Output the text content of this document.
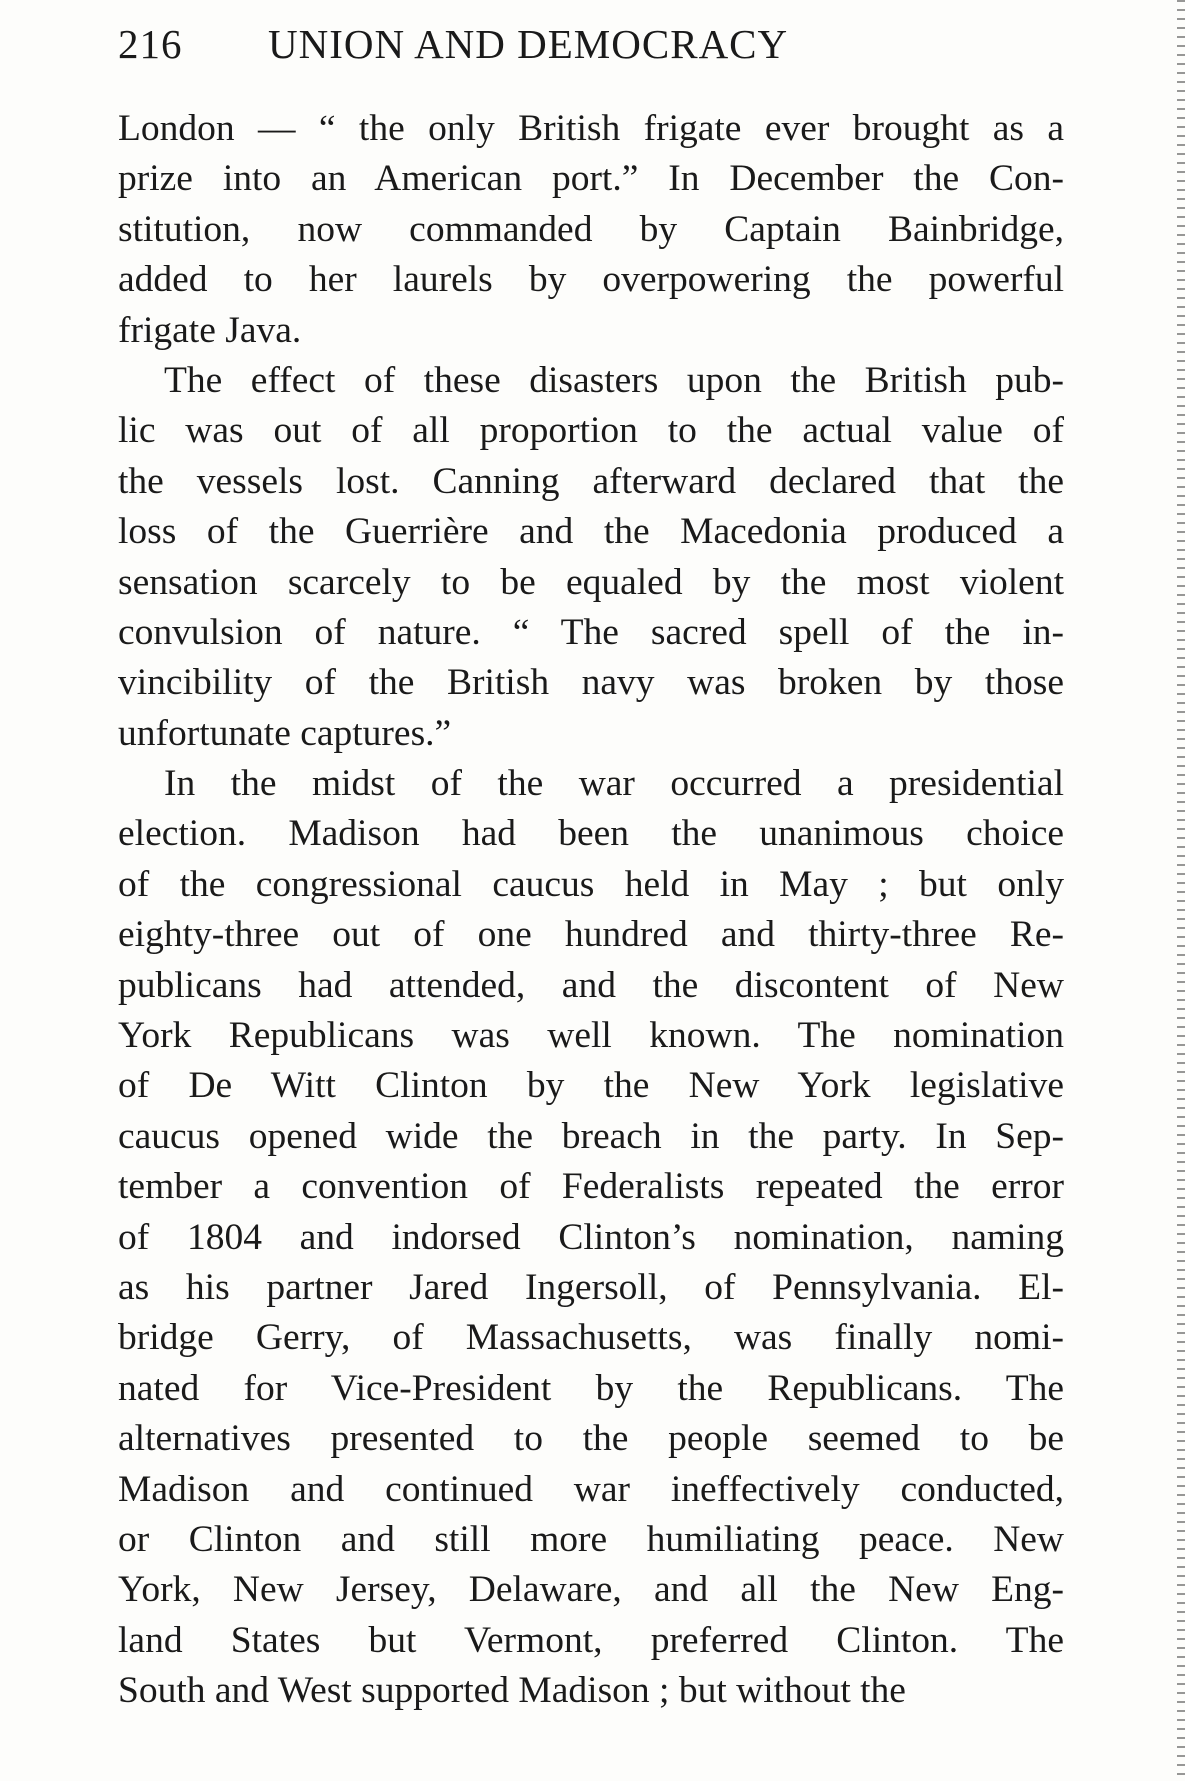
216 UNION AND DEMOCRACY
London — “ the only British frigate ever brought as a
prize into an American port.” In December the Con-
stitution, now commanded by Captain Bainbridge,
added to her laurels by overpowering the powerful
frigate Java.
The effect of these disasters upon the British pub-
lic was out of all proportion to the actual value of
the vessels lost. Canning afterward declared that the
loss of the Guerrière and the Macedonia produced a
sensation scarcely to be equaled by the most violent
convulsion of nature. “ The sacred spell of the in-
vincibility of the British navy was broken by those
unfortunate captures.”
In the midst of the war occurred a presidential
election. Madison had been the unanimous choice
of the congressional caucus held in May ; but only
eighty-three out of one hundred and thirty-three Re-
publicans had attended, and the discontent of New
York Republicans was well known. The nomination
of De Witt Clinton by the New York legislative
caucus opened wide the breach in the party. In Sep-
tember a convention of Federalists repeated the error
of 1804 and indorsed Clinton’s nomination, naming
as his partner Jared Ingersoll, of Pennsylvania. El-
bridge Gerry, of Massachusetts, was finally nomi-
nated for Vice-President by the Republicans. The
alternatives presented to the people seemed to be
Madison and continued war ineffectively conducted,
or Clinton and still more humiliating peace. New
York, New Jersey, Delaware, and all the New Eng-
land States but Vermont, preferred Clinton. The
South and West supported Madison ; but without the
